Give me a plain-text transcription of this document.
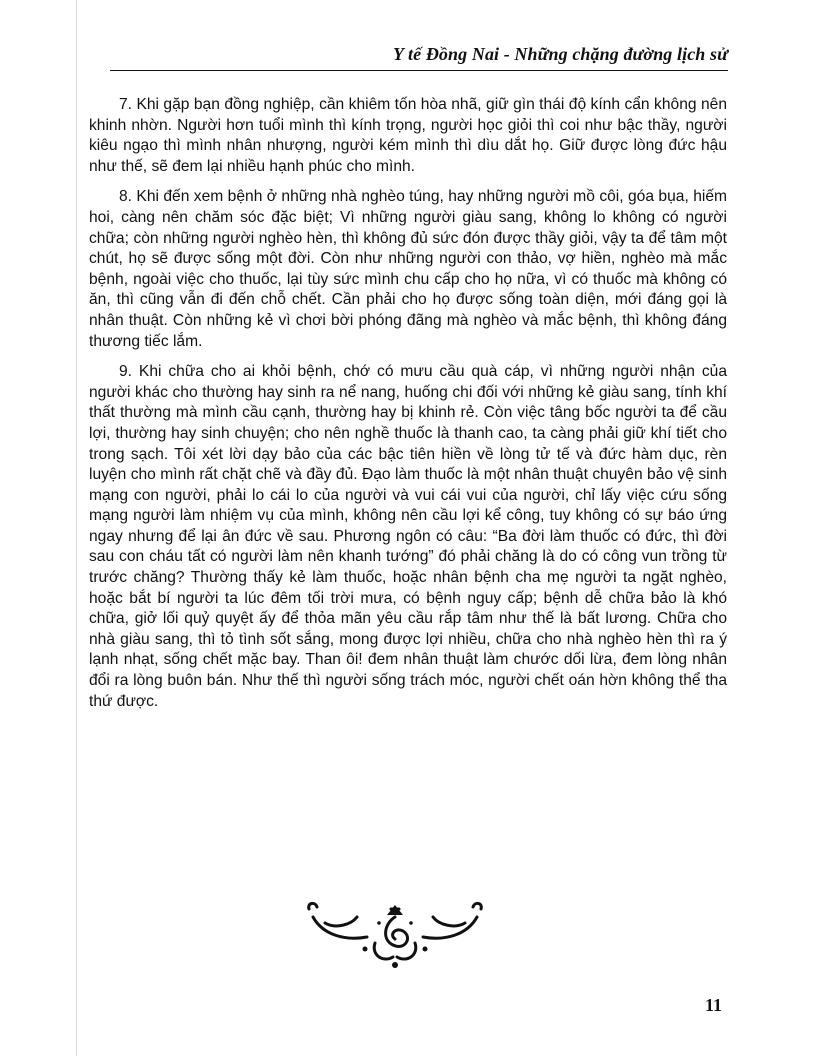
Y tế Đồng Nai - Những chặng đường lịch sử

7. Khi gặp bạn đồng nghiệp, cần khiêm tốn hòa nhã, giữ gìn thái độ kính cẩn không nên khinh nhờn. Người hơn tuổi mình thì kính trọng, người học giỏi thì coi như bậc thầy, người kiêu ngạo thì mình nhân nhượng, người kém mình thì dìu dắt họ. Giữ được lòng đức hậu như thế, sẽ đem lại nhiều hạnh phúc cho mình.

8. Khi đến xem bệnh ở những nhà nghèo túng, hay những người mồ côi, góa bụa, hiếm hoi, càng nên chăm sóc đặc biệt; Vì những người giàu sang, không lo không có người chữa; còn những người nghèo hèn, thì không đủ sức đón được thầy giỏi, vậy ta để tâm một chút, họ sẽ được sống một đời. Còn như những người con thảo, vợ hiền, nghèo mà mắc bệnh, ngoài việc cho thuốc, lại tùy sức mình chu cấp cho họ nữa, vì có thuốc mà không có ăn, thì cũng vẫn đi đến chỗ chết. Cần phải cho họ được sống toàn diện, mới đáng gọi là nhân thuật. Còn những kẻ vì chơi bời phóng đãng mà nghèo và mắc bệnh, thì không đáng thương tiếc lắm.

9. Khi chữa cho ai khỏi bệnh, chớ có mưu cầu quà cáp, vì những người nhận của người khác cho thường hay sinh ra nể nang, huống chi đối với những kẻ giàu sang, tính khí thất thường mà mình cầu cạnh, thường hay bị khinh rẻ. Còn việc tâng bốc người ta để cầu lợi, thường hay sinh chuyện; cho nên nghề thuốc là thanh cao, ta càng phải giữ khí tiết cho trong sạch. Tôi xét lời dạy bảo của các bậc tiên hiền về lòng tử tế và đức hàm dục, rèn luyện cho mình rất chặt chẽ và đầy đủ. Đạo làm thuốc là một nhân thuật chuyên bảo vệ sinh mạng con người, phải lo cái lo của người và vui cái vui của người, chỉ lấy việc cứu sống mạng người làm nhiệm vụ của mình, không nên cầu lợi kể công, tuy không có sự báo ứng ngay nhưng để lại ân đức về sau. Phương ngôn có câu: “Ba đời làm thuốc có đức, thì đời sau con cháu tất có người làm nên khanh tướng” đó phải chăng là do có công vun trồng từ trước chăng? Thường thấy kẻ làm thuốc, hoặc nhân bệnh cha mẹ người ta ngặt nghèo, hoặc bắt bí người ta lúc đêm tối trời mưa, có bệnh nguy cấp; bệnh dễ chữa bảo là khó chữa, giở lối quỷ quyệt ấy để thỏa mãn yêu cầu rắp tâm như thế là bất lương. Chữa cho nhà giàu sang, thì tỏ tình sốt sắng, mong được lợi nhiều, chữa cho nhà nghèo hèn thì ra ý lạnh nhạt, sống chết mặc bay. Than ôi! đem nhân thuật làm chước dối lừa, đem lòng nhân đổi ra lòng buôn bán. Như thế thì người sống trách móc, người chết oán hờn không thể tha thứ được.

11
